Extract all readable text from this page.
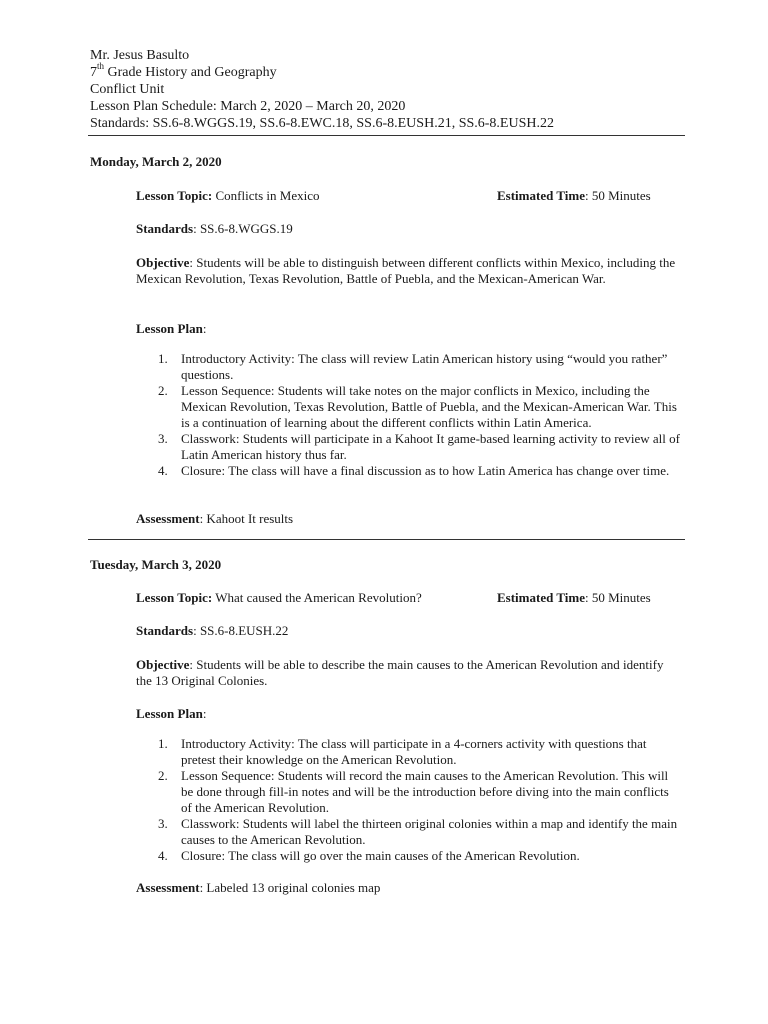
Mr. Jesus Basulto
7th Grade History and Geography
Conflict Unit
Lesson Plan Schedule: March 2, 2020 – March 20, 2020
Standards: SS.6-8.WGGS.19, SS.6-8.EWC.18, SS.6-8.EUSH.21, SS.6-8.EUSH.22
Monday, March 2, 2020
Lesson Topic: Conflicts in Mexico	Estimated Time: 50 Minutes
Standards: SS.6-8.WGGS.19
Objective: Students will be able to distinguish between different conflicts within Mexico, including the Mexican Revolution, Texas Revolution, Battle of Puebla, and the Mexican-American War.
Lesson Plan:
1. Introductory Activity: The class will review Latin American history using “would you rather” questions.
2. Lesson Sequence: Students will take notes on the major conflicts in Mexico, including the Mexican Revolution, Texas Revolution, Battle of Puebla, and the Mexican-American War. This is a continuation of learning about the different conflicts within Latin America.
3. Classwork: Students will participate in a Kahoot It game-based learning activity to review all of Latin American history thus far.
4. Closure: The class will have a final discussion as to how Latin America has change over time.
Assessment: Kahoot It results
Tuesday, March 3, 2020
Lesson Topic: What caused the American Revolution?	Estimated Time: 50 Minutes
Standards: SS.6-8.EUSH.22
Objective: Students will be able to describe the main causes to the American Revolution and identify the 13 Original Colonies.
Lesson Plan:
1. Introductory Activity: The class will participate in a 4-corners activity with questions that pretest their knowledge on the American Revolution.
2. Lesson Sequence: Students will record the main causes to the American Revolution. This will be done through fill-in notes and will be the introduction before diving into the main conflicts of the American Revolution.
3. Classwork: Students will label the thirteen original colonies within a map and identify the main causes to the American Revolution.
4. Closure: The class will go over the main causes of the American Revolution.
Assessment: Labeled 13 original colonies map
